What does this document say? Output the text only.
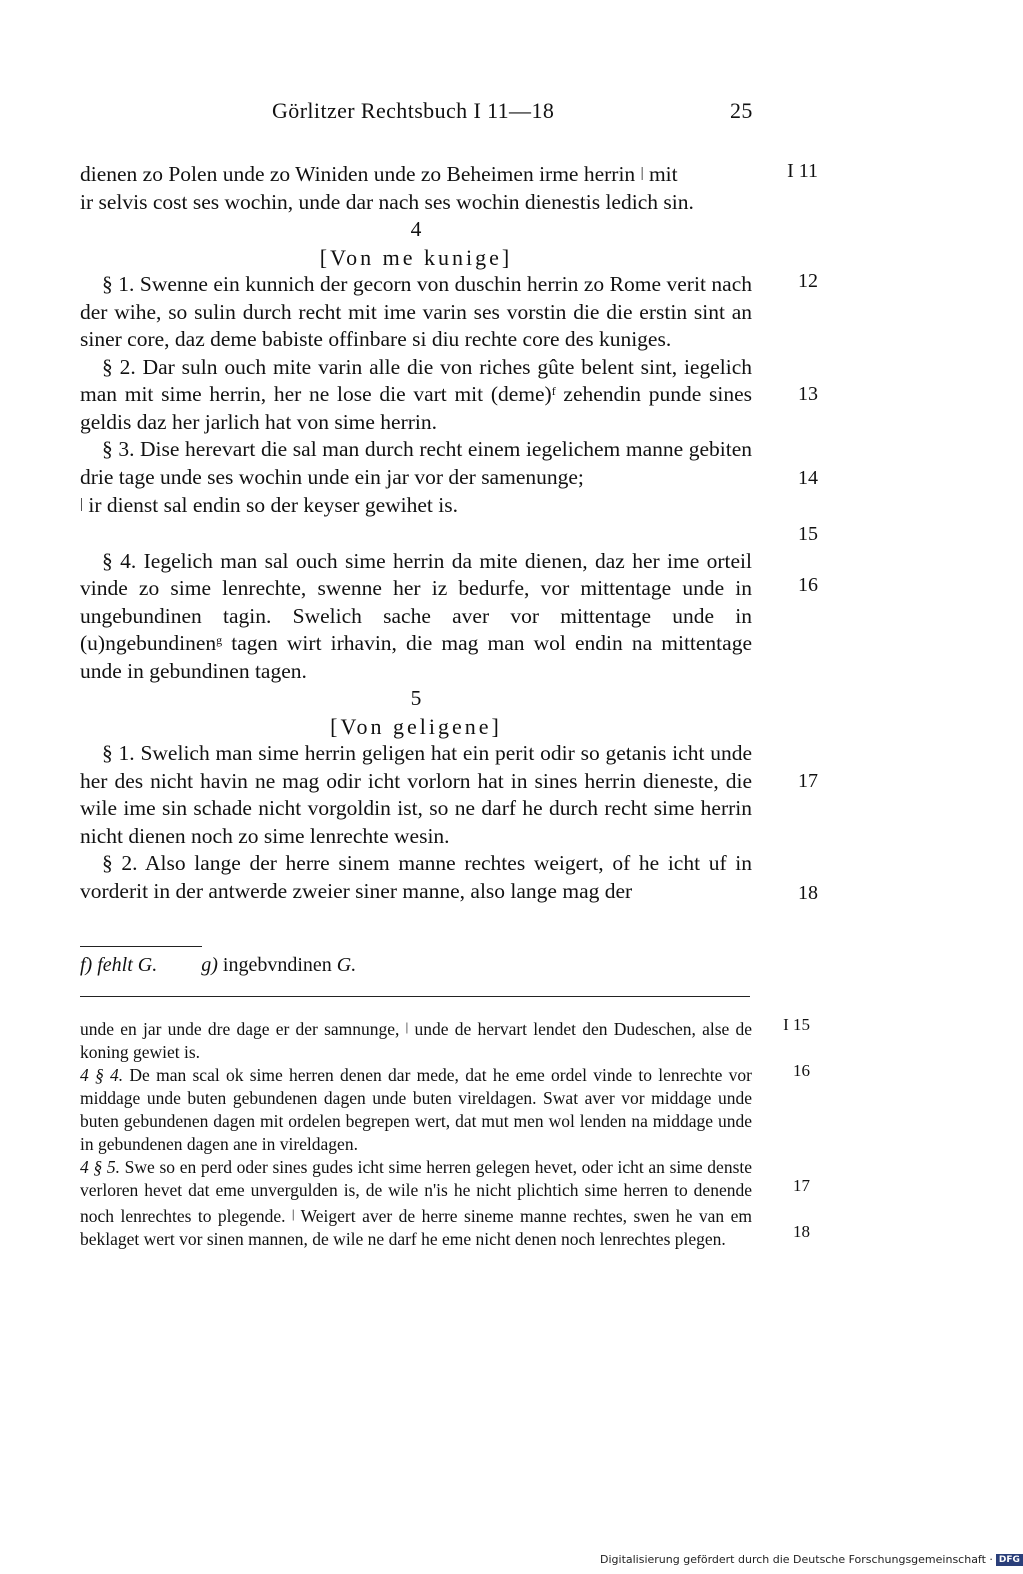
Görlitzer Rechtsbuch I 11—18	25

dienen zo Polen unde zo Winiden unde zo Beheimen irme herrin | mit
ir selvis cost ses wochin, unde dar nach ses wochin dienestis ledich sin.

4
[Von me kunige]

§ 1. Swenne ein kunnich der gecorn von duschin herrin zo Rome verit nach der wihe, so sulin durch recht mit ime varin ses vorstin die die erstin sint an siner core, daz deme babiste offinbare si diu rechte core des kuniges.

§ 2. Dar suln ouch mite varin alle die von riches gûte belent sint, iegelich man mit sime herrin, her ne lose die vart mit (deme)$^f$ zehendin punde sines geldis daz her jarlich hat von sime herrin.

§ 3. Dise herevart die sal man durch recht einem iegelichem manne gebiten drie tage unde ses wochin unde ein jar vor der samenunge;
| ir dienst sal endin so der keyser gewihet is.

§ 4. Iegelich man sal ouch sime herrin da mite dienen, daz her ime orteil vinde zo sime lenrechte, swenne her iz bedurfe, vor mittentage unde in ungebundinen tagin. Swelich sache aver vor mittentage unde in (u)ngebundinen$^g$ tagen wirt irhavin, die mag man wol endin na mittentage unde in gebundinen tagen.

5
[Von geligene]

§ 1. Swelich man sime herrin geligen hat ein perit odir so getanis icht unde her des nicht havin ne mag odir icht vorlorn hat in sines herrin dieneste, die wile ime sin schade nicht vorgoldin ist, so ne darf he durch recht sime herrin nicht dienen noch zo sime lenrechte wesin.

§ 2. Also lange der herre sinem manne rechtes weigert, of he icht uf in vorderit in der antwerde zweier siner manne, also lange mag der

I 11
12
13
14
15
16
17
18
f) fehlt G. g) ingebvndinen G.

unde en jar unde dre dage er der samnunge, | unde de hervart lendet den Dudeschen, alse de koning gewiet is.

4 § 4. De man scal ok sime herren denen dar mede, dat he eme ordel vinde to lenrechte vor middage unde buten gebundenen dagen unde buten vireldagen. Swat aver vor middage unde buten gebundenen dagen mit ordelen begrepen wert, dat mut men wol lenden na middage unde in gebundenen dagen ane in vireldagen.

4 § 5. Swe so en perd oder sines gudes icht sime herren gelegen hevet, oder icht an sime denste verloren hevet dat eme unvergulden is, de wile n'is he nicht plichtich sime herren to denende noch lenrechtes to plegende. | Weigert aver de herre sineme manne rechtes, swen he van em beklaget wert vor sinen mannen, de wile ne darf he eme nicht denen noch lenrechtes plegen.

I 15
16
17
18
Digitalisierung gefördert durch die Deutsche Forschungsgemeinschaft · DFG
